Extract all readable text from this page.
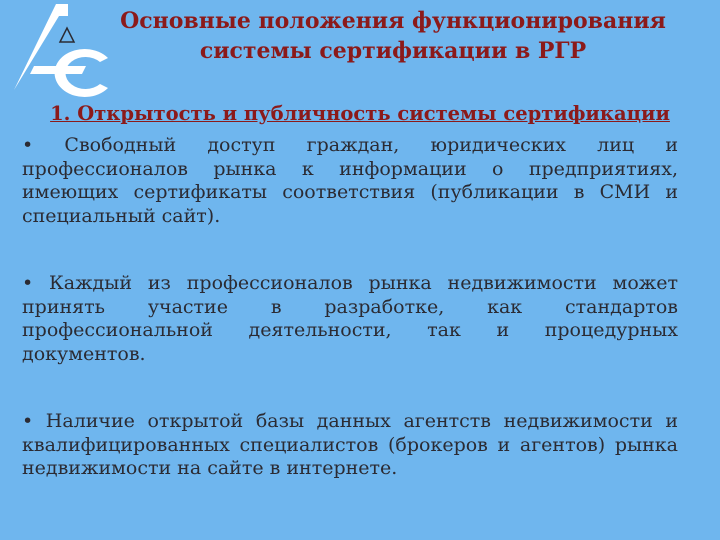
Основные положения функционирования
системы сертификации в РГР
1. Открытость и публичность системы сертификации

• Свободный доступ граждан, юридических лиц и профессионалов рынка к информации о предприятиях, имеющих сертификаты соответствия (публикации в СМИ и специальный сайт).

• Каждый из профессионалов рынка недвижимости может принять участие в разработке, как стандартов профессиональной деятельности, так и процедурных документов.

• Наличие открытой базы данных агентств недвижимости и квалифицированных специалистов (брокеров и агентов) рынка недвижимости на сайте в интернете.
